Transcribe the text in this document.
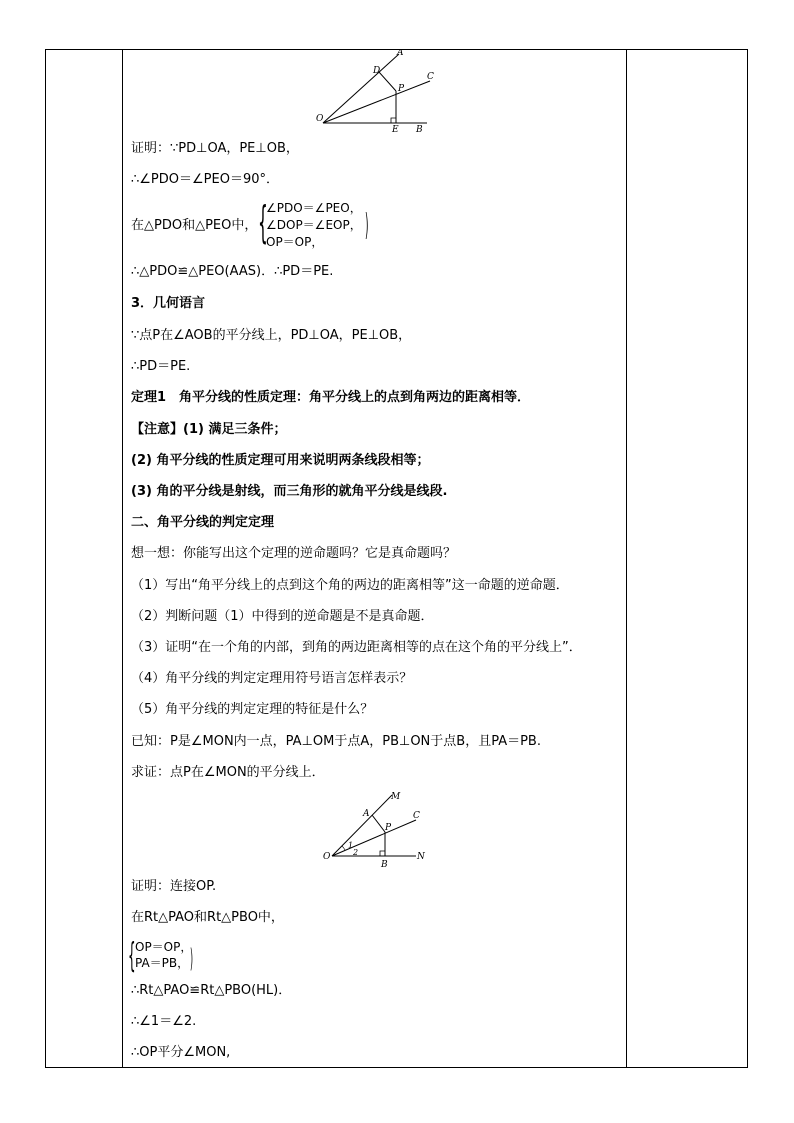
A
D
C
P
O
E B
证明：∵PD⊥OA，PE⊥OB，
∴∠PDO＝∠PEO＝90°．
在△PDO和△PEO中， {
∠PDO＝∠PEO，
∠DOP＝∠EOP，
OP＝OP， )
∴△PDO≌△PEO(AAS)．∴PD＝PE.
3．几何语言
∵点P在∠AOB的平分线上，PD⊥OA，PE⊥OB，
∴PD＝PE.
定理1　角平分线的性质定理：角平分线上的点到角两边的距离相等．
【注意】(1) 满足三条件；
(2) 角平分线的性质定理可用来说明两条线段相等；
(3) 角的平分线是射线，而三角形的就角平分线是线段.
二、角平分线的判定定理
想一想：你能写出这个定理的逆命题吗？它是真命题吗？
（1）写出“角平分线上的点到这个角的两边的距离相等”这一命题的逆命题．
（2）判断问题（1）中得到的逆命题是不是真命题．
（3）证明“在一个角的内部，到角的两边距离相等的点在这个角的平分线上”．
（4）角平分线的判定定理用符号语言怎样表示？
（5）角平分线的判定定理的特征是什么？
已知：P是∠MON内一点，PA⊥OM于点A，PB⊥ON于点B，且PA＝PB.
求证：点P在∠MON的平分线上．
M
C
A
P
1
2
O	N
B
证明：连接OP.
在Rt△PAO和Rt△PBO中，
{ OP＝OP，
PA＝PB， )
∴Rt△PAO≌Rt△PBO(HL)．
∴∠1＝∠2.
∴OP平分∠MON,
